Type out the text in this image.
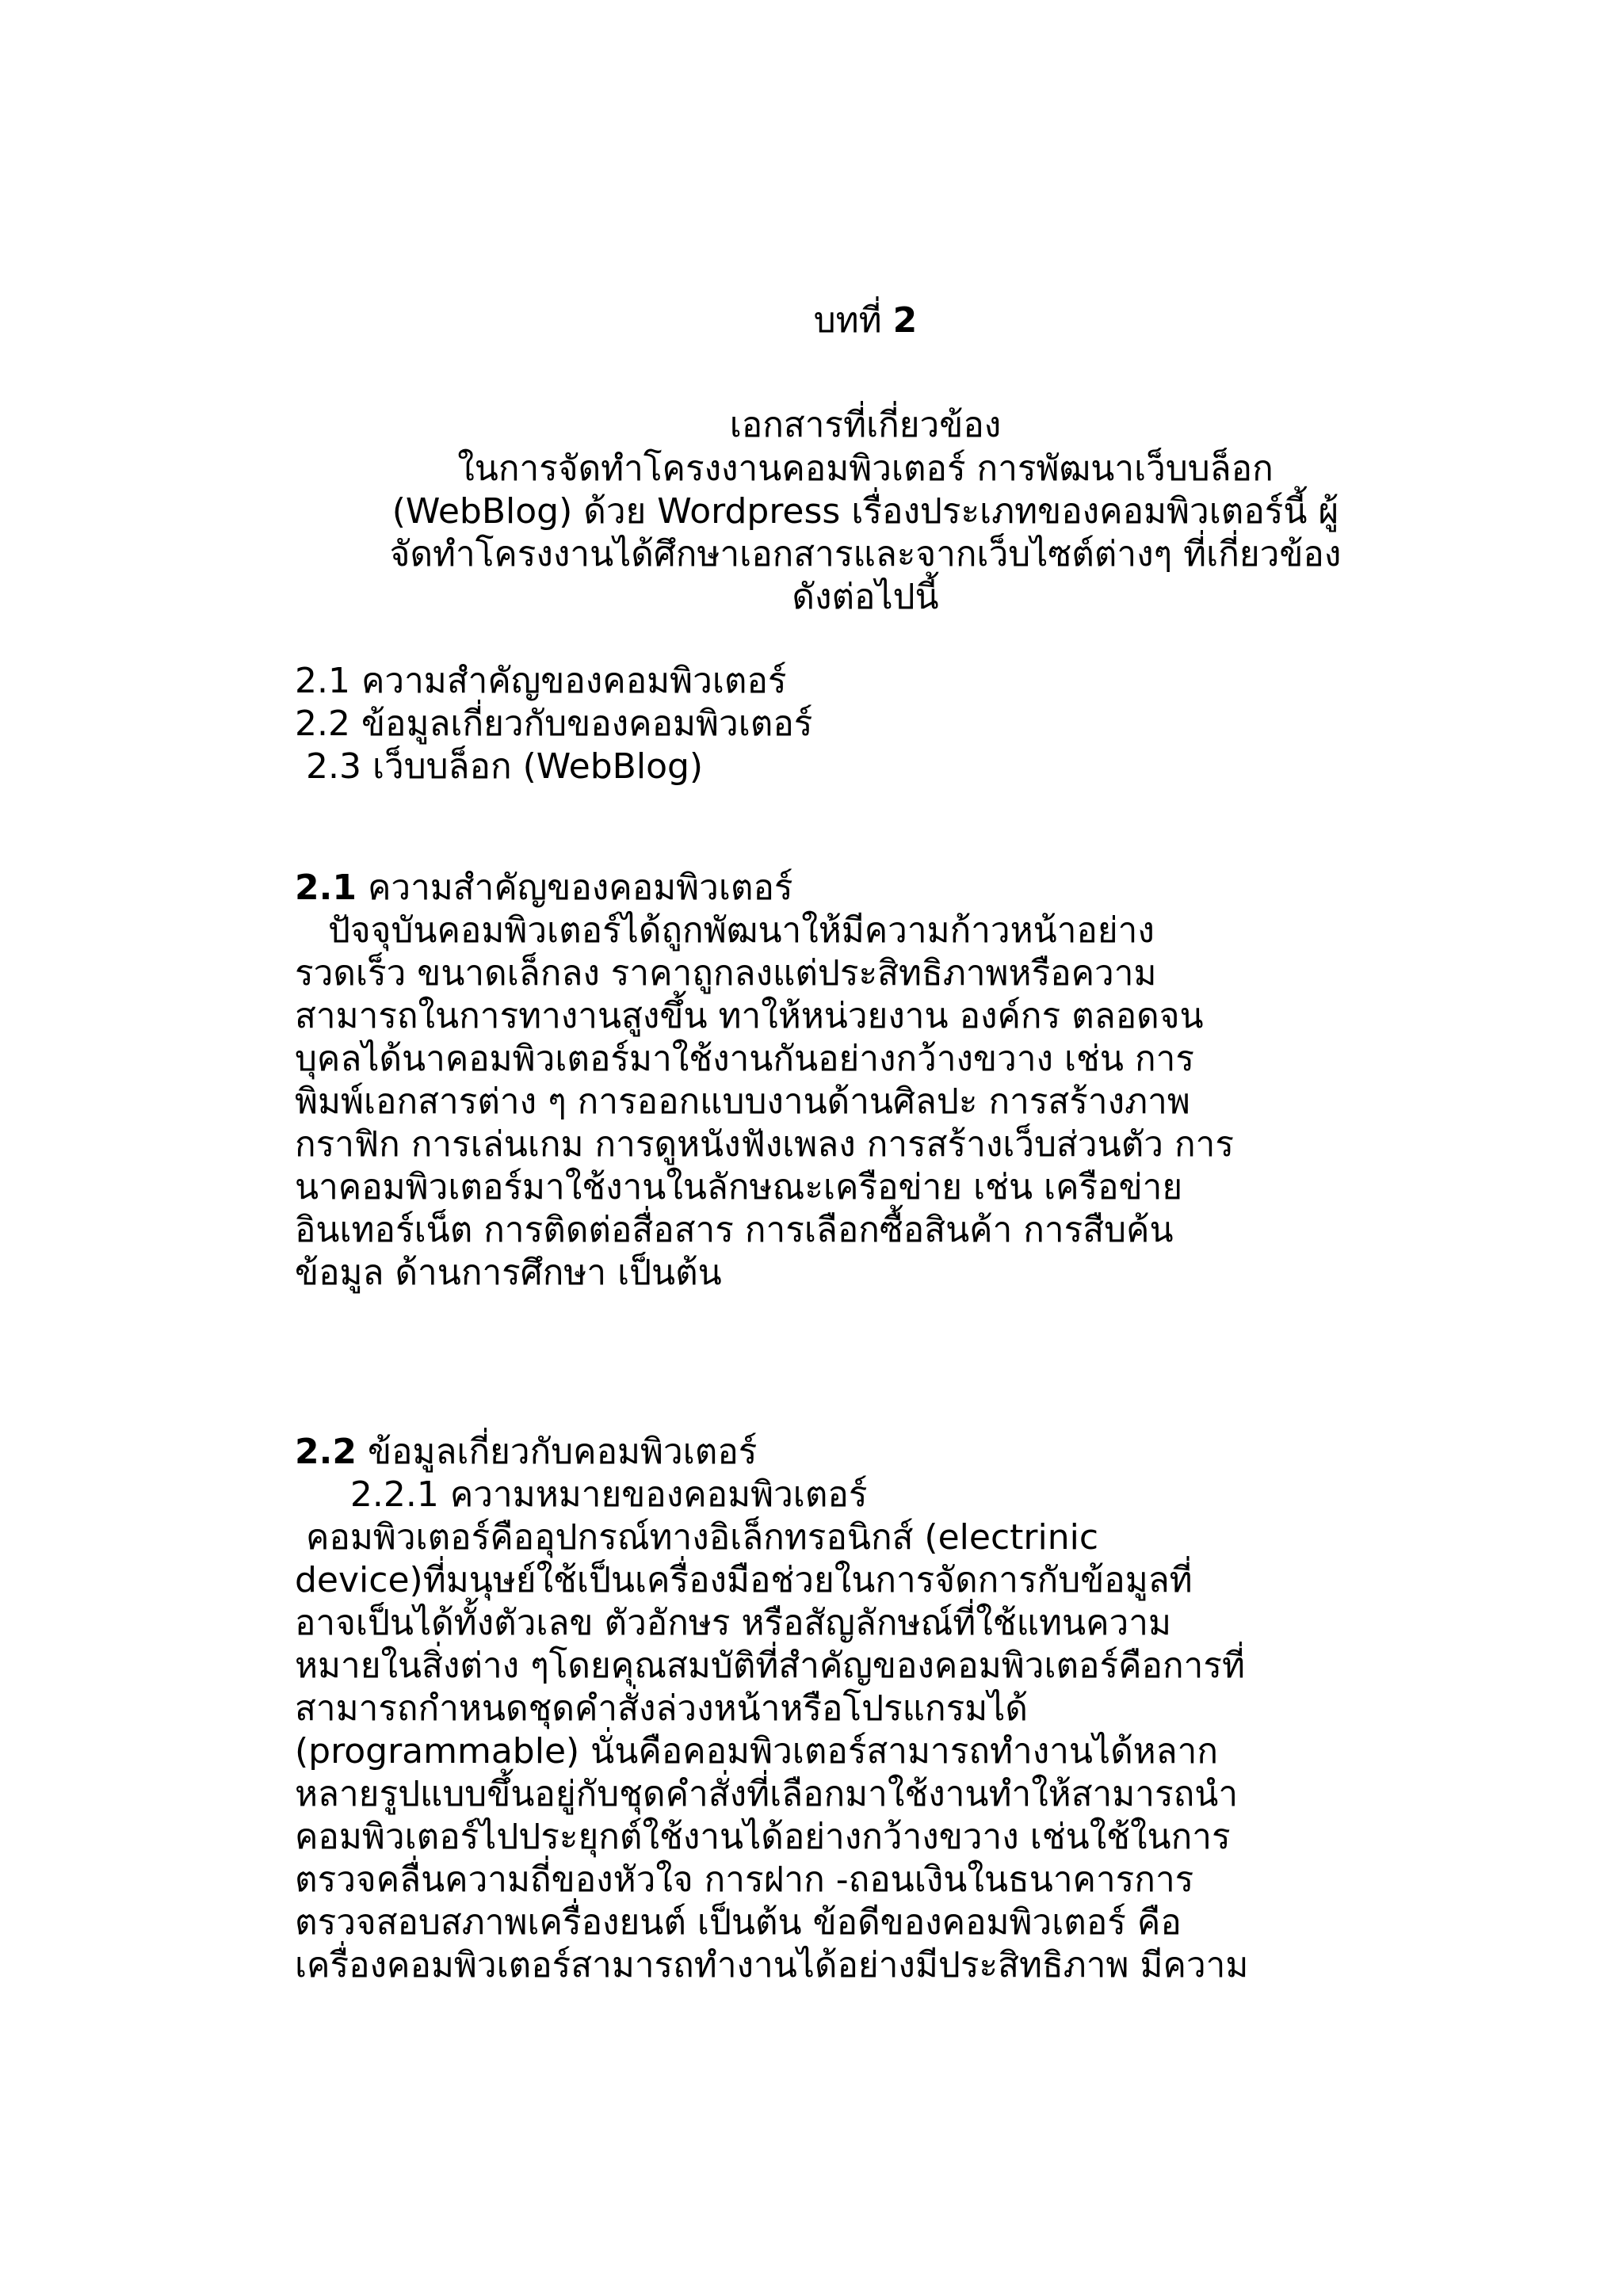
บทที่ 2
เอกสารที่เกี่ยวข้อง
ในการจัดทำโครงงานคอมพิวเตอร์ การพัฒนาเว็บบล็อก
(WebBlog) ด้วย Wordpress เรื่องประเภทของคอมพิวเตอร์นี้ ผู้
จัดทำโครงงานได้ศึกษาเอกสารและจากเว็บไซต์ต่างๆ ที่เกี่ยวข้อง
ดังต่อไปนี้
2.1 ความสำคัญของคอมพิวเตอร์
2.2 ข้อมูลเกี่ยวกับของคอมพิวเตอร์
2.3 เว็บบล็อก (WebBlog)
2.1 ความสำคัญของคอมพิวเตอร์
ปัจจุบันคอมพิวเตอร์ได้ถูกพัฒนาให้มีความก้าวหน้าอย่าง
รวดเร็ว ขนาดเล็กลง ราคาถูกลงแต่ประสิทธิภาพหรือความ
สามารถในการทางานสูงขึ้น ทาให้หน่วยงาน องค์กร ตลอดจน
บุคลได้นาคอมพิวเตอร์มาใช้งานกันอย่างกว้างขวาง เช่น การ
พิมพ์เอกสารต่าง ๆ การออกแบบงานด้านศิลปะ การสร้างภาพ
กราฟิก การเล่นเกม การดูหนังฟังเพลง การสร้างเว็บส่วนตัว การ
นาคอมพิวเตอร์มาใช้งานในลักษณะเครือข่าย เช่น เครือข่าย
อินเทอร์เน็ต การติดต่อสื่อสาร การเลือกซื้อสินค้า การสืบค้น
ข้อมูล ด้านการศึกษา เป็นต้น
2.2 ข้อมูลเกี่ยวกับคอมพิวเตอร์
2.2.1 ความหมายของคอมพิวเตอร์
คอมพิวเตอร์คืออุปกรณ์ทางอิเล็กทรอนิกส์ (electrinic
device)ที่มนุษย์ใช้เป็นเครื่องมือช่วยในการจัดการกับข้อมูลที่
อาจเป็นได้ทั้งตัวเลข ตัวอักษร หรือสัญลักษณ์ที่ใช้แทนความ
หมายในสิ่งต่าง ๆโดยคุณสมบัติที่สำคัญของคอมพิวเตอร์คือการที่
สามารถกำหนดชุดคำสั่งล่วงหน้าหรือโปรแกรมได้
(programmable) นั่นคือคอมพิวเตอร์สามารถทำงานได้หลาก
หลายรูปแบบขึ้นอยู่กับชุดคำสั่งที่เลือกมาใช้งานทำให้สามารถนำ
คอมพิวเตอร์ไปประยุกต์ใช้งานได้อย่างกว้างขวาง เช่นใช้ในการ
ตรวจคลื่นความถี่ของหัวใจ การฝาก -ถอนเงินในธนาคารการ
ตรวจสอบสภาพเครื่องยนต์ เป็นต้น ข้อดีของคอมพิวเตอร์ คือ
เครื่องคอมพิวเตอร์สามารถทำงานได้อย่างมีประสิทธิภาพ มีความ
